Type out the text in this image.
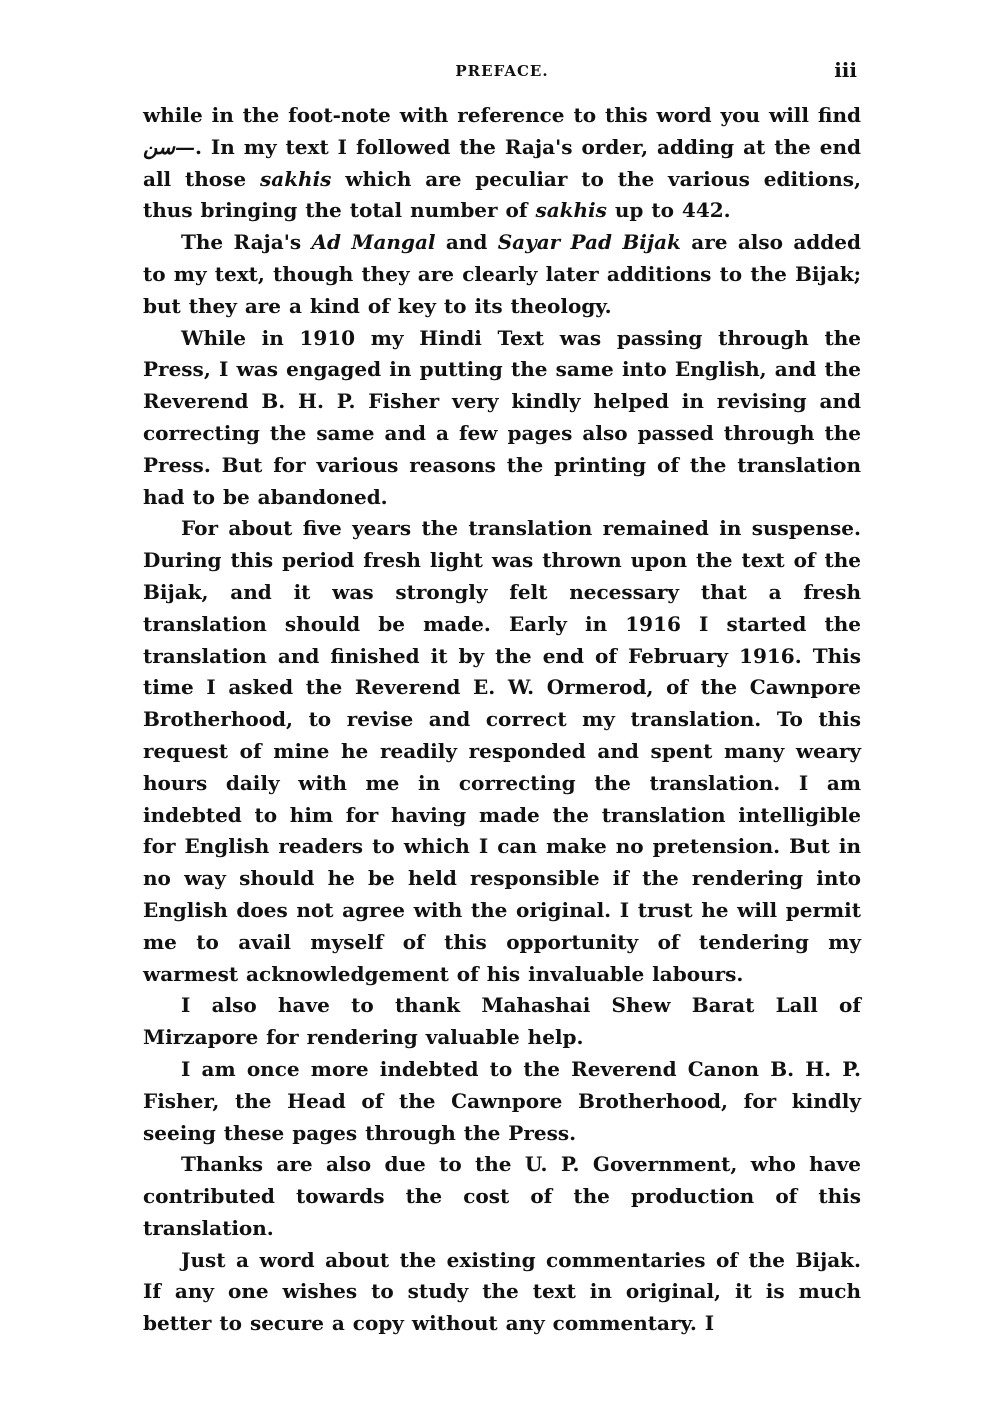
PREFACE.	iii

while in the foot-note with reference to this word you will find سن—. In my text I followed the Raja's order, adding at the end all those sakhis which are peculiar to the various editions, thus bringing the total number of sakhis up to 442.

The Raja's Ad Mangal and Sayar Pad Bijak are also added to my text, though they are clearly later additions to the Bijak; but they are a kind of key to its theology.

While in 1910 my Hindi Text was passing through the Press, I was engaged in putting the same into English, and the Reverend B. H. P. Fisher very kindly helped in revising and correcting the same and a few pages also passed through the Press. But for various reasons the printing of the translation had to be abandoned.

For about five years the translation remained in suspense. During this period fresh light was thrown upon the text of the Bijak, and it was strongly felt necessary that a fresh translation should be made. Early in 1916 I started the translation and finished it by the end of February 1916. This time I asked the Reverend E. W. Ormerod, of the Cawnpore Brotherhood, to revise and correct my translation. To this request of mine he readily responded and spent many weary hours daily with me in correcting the translation. I am indebted to him for having made the translation intelligible for English readers to which I can make no pretension. But in no way should he be held responsible if the rendering into English does not agree with the original. I trust he will permit me to avail myself of this opportunity of tendering my warmest acknowledgement of his invaluable labours.

I also have to thank Mahashai Shew Barat Lall of Mirzapore for rendering valuable help.

I am once more indebted to the Reverend Canon B. H. P. Fisher, the Head of the Cawnpore Brotherhood, for kindly seeing these pages through the Press.

Thanks are also due to the U. P. Government, who have contributed towards the cost of the production of this translation.

Just a word about the existing commentaries of the Bijak. If any one wishes to study the text in original, it is much better to secure a copy without any commentary. I
